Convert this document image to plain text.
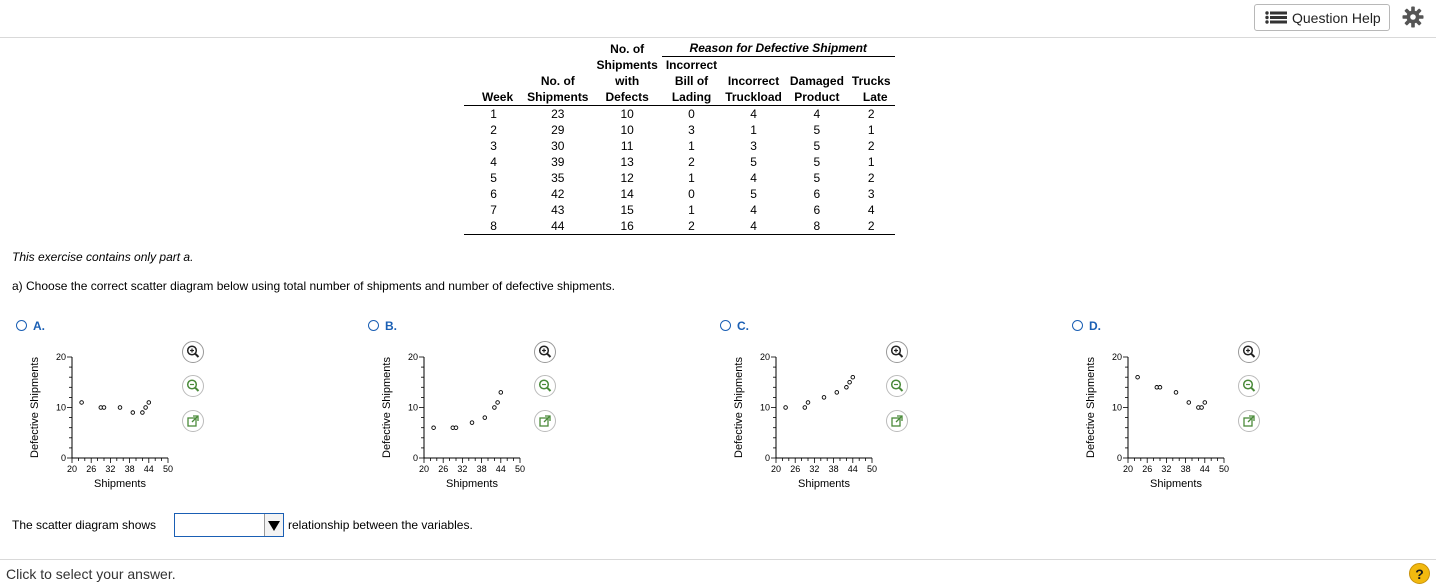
Question Help
		No. of	Reason for Defective Shipment			
		Shipments	Incorrect			
	No. of	with	Bill of	Incorrect	Damaged	Trucks
Week	Shipments	Defects	Lading	Truckload	Product	Late
1	23	10	0	4	4	2
2	29	10	3	1	5	1
3	30	11	1	3	5	2
4	39	13	2	5	5	1
5	35	12	1	4	5	2
6	42	14	0	5	6	3
7	43	15	1	4	6	4
8	44	16	2	4	8	2
This exercise contains only part a.
a) Choose the correct scatter diagram below using total number of shipments and number of defective shipments.
A.
20 26 32 38 44 50
0
10
20
Shipments
Defective Shipments
B.
20 26 32 38 44 50
0
10
20
Shipments
Defective Shipments
C.
20 26 32 38 44 50
0
10
20
Shipments
Defective Shipments
D.
20 26 32 38 44 50
0
10
20
Shipments
Defective Shipments
The scatter diagram shows	relationship between the variables.
Click to select your answer.	?
